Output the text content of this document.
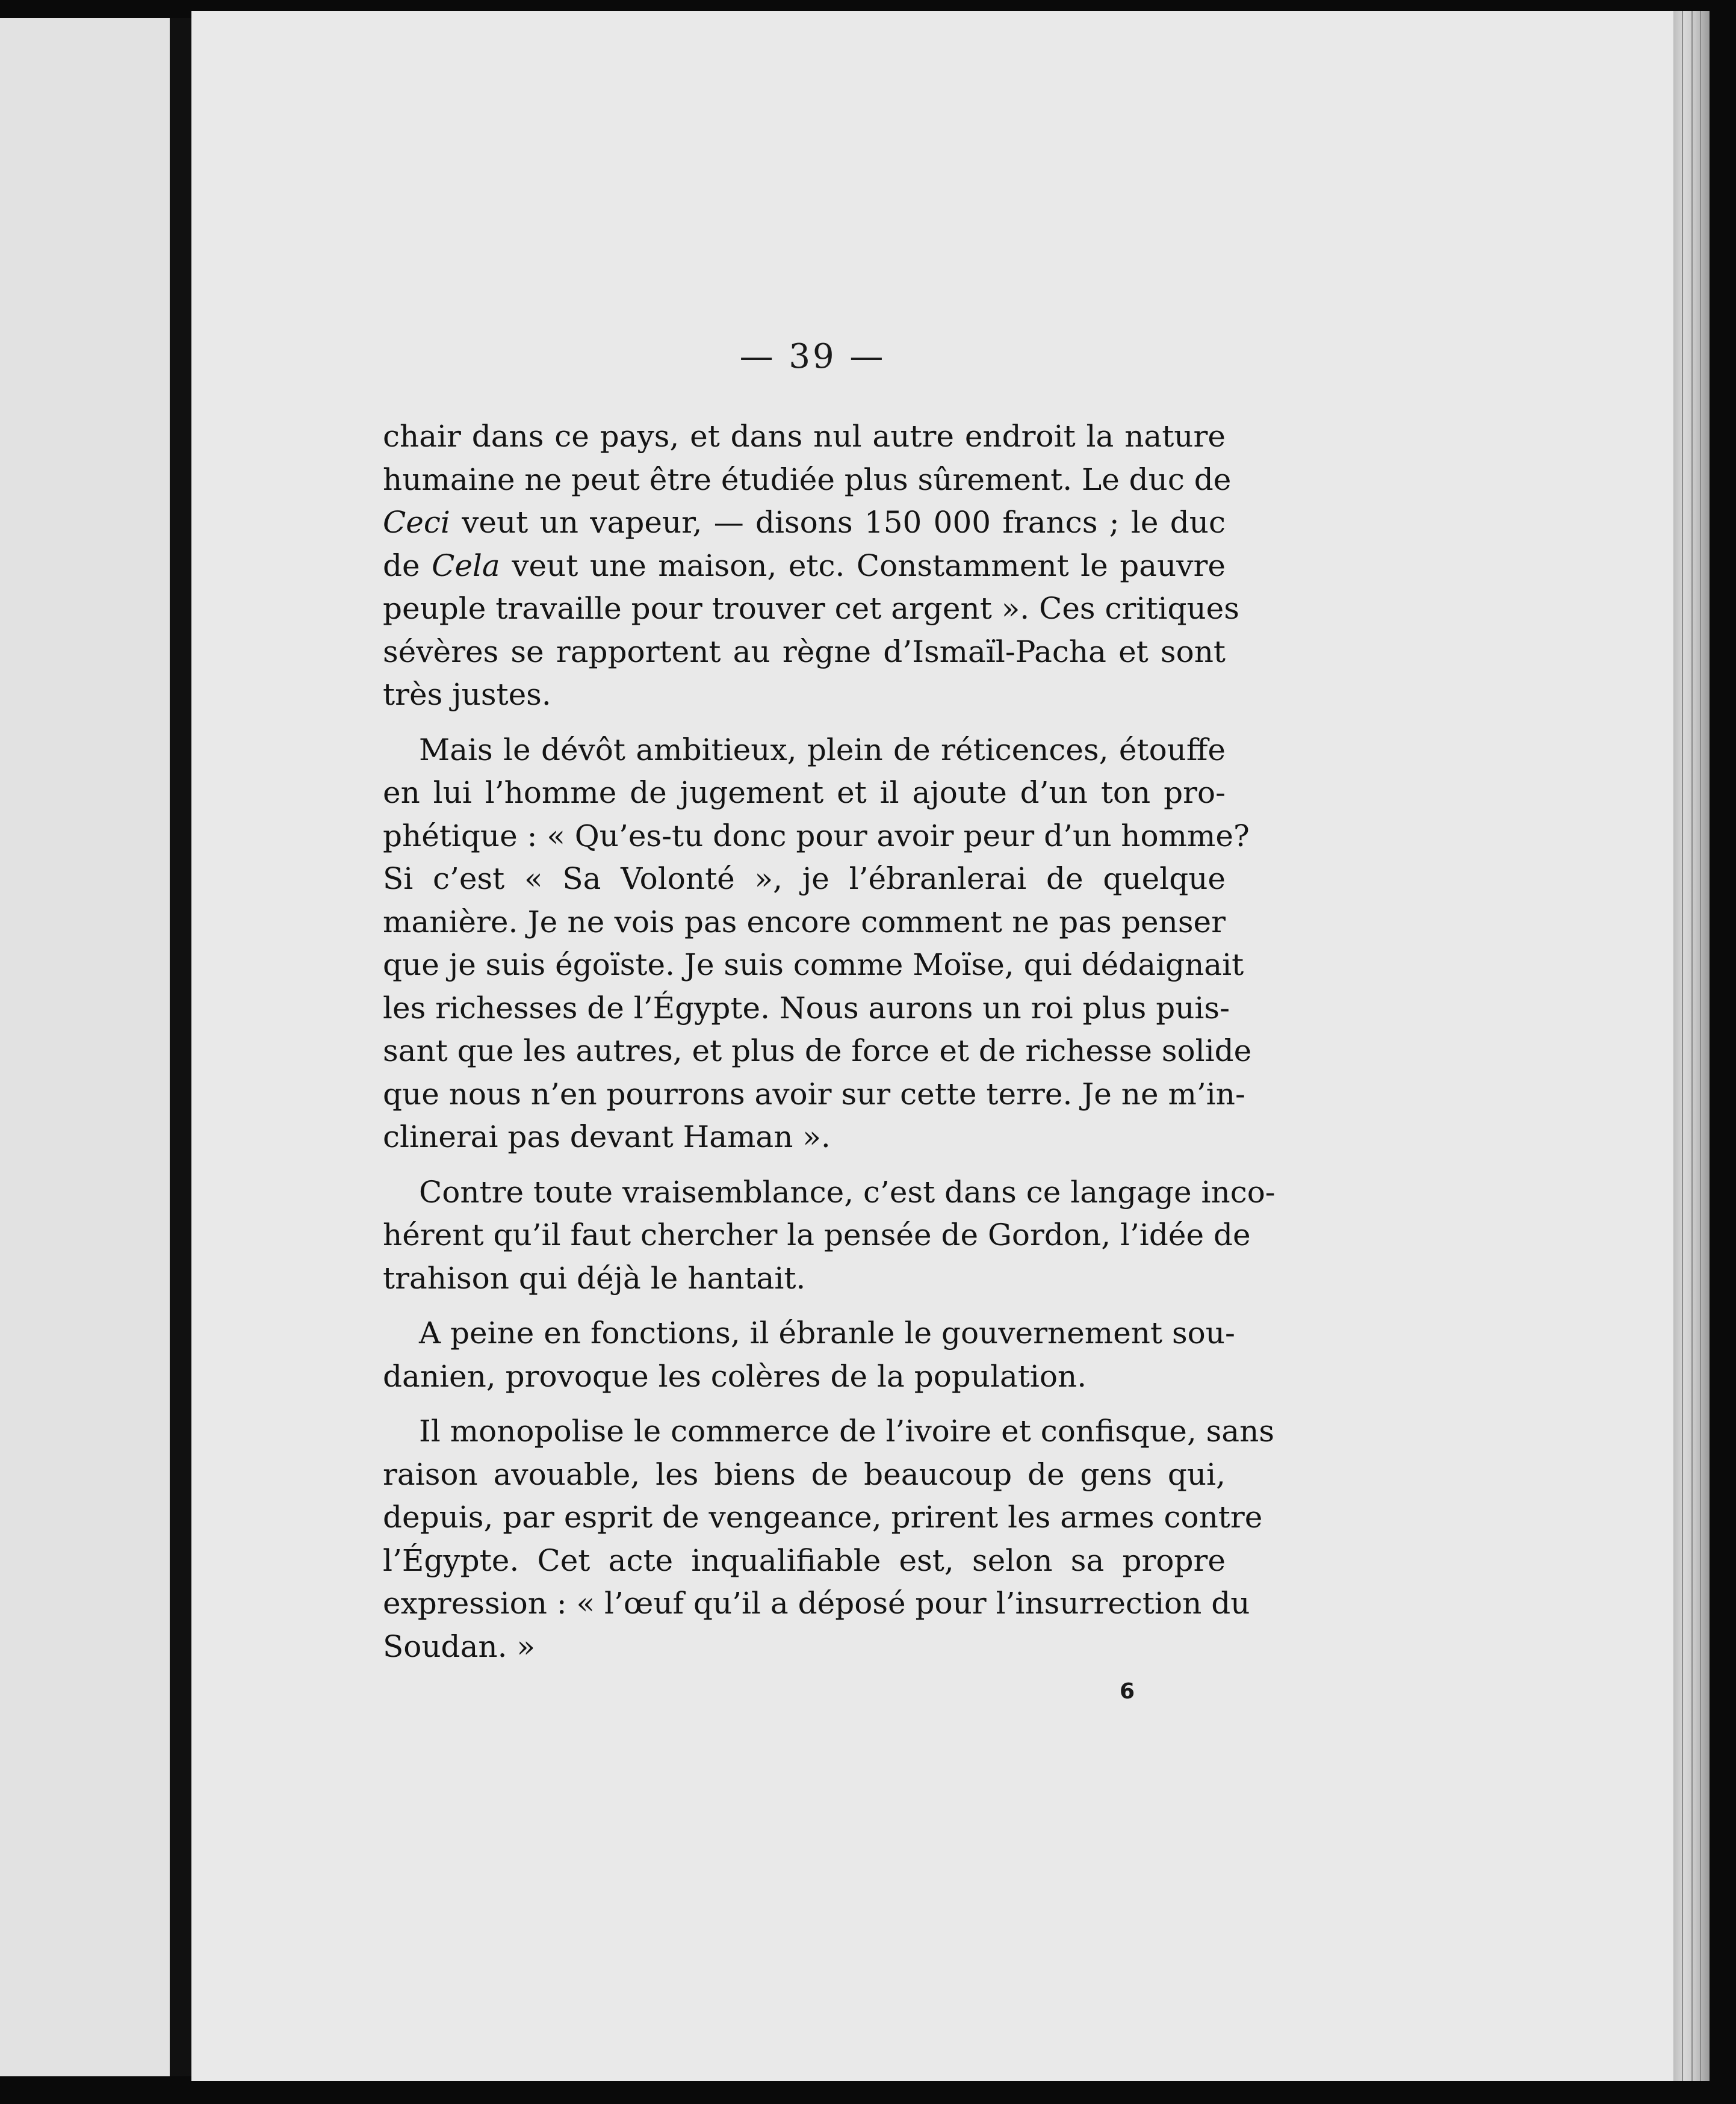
— 39 —

chair dans ce pays, et dans nul autre endroit la nature
humaine ne peut être étudiée plus sûrement. Le duc de
Ceci veut un vapeur, — disons 150 000 francs ; le duc
de Cela veut une maison, etc. Constamment le pauvre
peuple travaille pour trouver cet argent ». Ces critiques
sévères se rapportent au règne d’Ismaïl-Pacha et sont
très justes.

Mais le dévôt ambitieux, plein de réticences, étouffe
en lui l’homme de jugement et il ajoute d’un ton pro-
phétique : « Qu’es-tu donc pour avoir peur d’un homme?
Si c’est « Sa Volonté », je l’ébranlerai de quelque
manière. Je ne vois pas encore comment ne pas penser
que je suis égoïste. Je suis comme Moïse, qui dédaignait
les richesses de l’Égypte. Nous aurons un roi plus puis-
sant que les autres, et plus de force et de richesse solide
que nous n’en pourrons avoir sur cette terre. Je ne m’in-
clinerai pas devant Haman ».

Contre toute vraisemblance, c’est dans ce langage inco-
hérent qu’il faut chercher la pensée de Gordon, l’idée de
trahison qui déjà le hantait.

A peine en fonctions, il ébranle le gouvernement sou-
danien, provoque les colères de la population.

Il monopolise le commerce de l’ivoire et confisque, sans
raison avouable, les biens de beaucoup de gens qui,
depuis, par esprit de vengeance, prirent les armes contre
l’Égypte. Cet acte inqualifiable est, selon sa propre
expression : « l’œuf qu’il a déposé pour l’insurrection du
Soudan. »

6
